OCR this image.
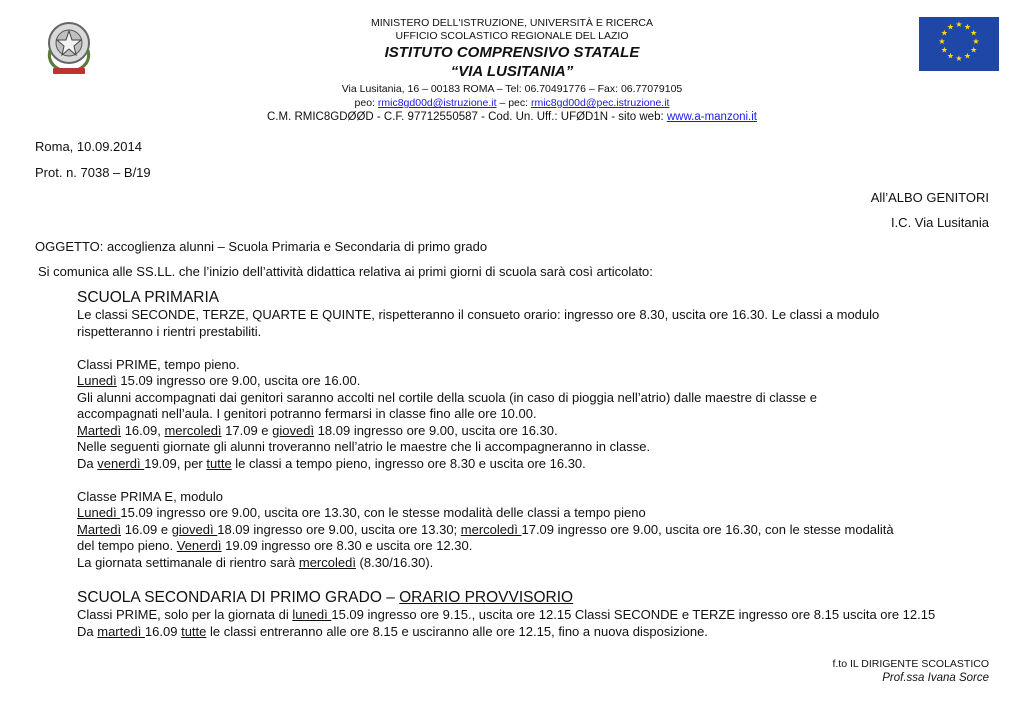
★ ★
★
★
★
★
★
★
★
★
★
★
MINISTERO DELL'ISTRUZIONE, UNIVERSITÀ E RICERCA
UFFICIO SCOLASTICO REGIONALE DEL LAZIO
ISTITUTO COMPRENSIVO STATALE
“VIA LUSITANIA”
Via Lusitania, 16 – 00183 ROMA – Tel: 06.70491776 – Fax: 06.77079105
peo: rmic8gd00d@istruzione.it – pec: rmic8gd00d@pec.istruzione.it
C.M. RMIC8GDØØD - C.F. 97712550587 - Cod. Un. Uff.: UFØD1N - sito web: www.a-manzoni.it
Roma, 10.09.2014
Prot. n. 7038 – B/19
All’ALBO GENITORI
I.C. Via Lusitania
OGGETTO: accoglienza alunni – Scuola Primaria e Secondaria di primo grado
Si comunica alle SS.LL. che l’inizio dell’attività didattica relativa ai primi giorni di scuola sarà così articolato:
SCUOLA PRIMARIA
Le classi SECONDE, TERZE, QUARTE E QUINTE, rispetteranno il consueto orario: ingresso ore 8.30, uscita ore 16.30. Le classi a modulo
rispetteranno i rientri prestabiliti.
Classi PRIME, tempo pieno.
Lunedì 15.09 ingresso ore 9.00, uscita ore 16.00.
Gli alunni accompagnati dai genitori saranno accolti nel cortile della scuola (in caso di pioggia nell’atrio) dalle maestre di classe e
accompagnati nell’aula. I genitori potranno fermarsi in classe fino alle ore 10.00.
Martedì 16.09, mercoledì 17.09 e giovedì 18.09 ingresso ore 9.00, uscita ore 16.30.
Nelle seguenti giornate gli alunni troveranno nell’atrio le maestre che li accompagneranno in classe.
Da venerdì 19.09, per tutte le classi a tempo pieno, ingresso ore 8.30 e uscita ore 16.30.
Classe PRIMA E, modulo
Lunedì 15.09 ingresso ore 9.00, uscita ore 13.30, con le stesse modalità delle classi a tempo pieno
Martedì 16.09 e giovedì 18.09 ingresso ore 9.00, uscita ore 13.30; mercoledì 17.09 ingresso ore 9.00, uscita ore 16.30, con le stesse modalità
del tempo pieno. Venerdì 19.09 ingresso ore 8.30 e uscita ore 12.30.
La giornata settimanale di rientro sarà mercoledì (8.30/16.30).
SCUOLA SECONDARIA DI PRIMO GRADO – ORARIO PROVVISORIO
Classi PRIME, solo per la giornata di lunedì 15.09 ingresso ore 9.15., uscita ore 12.15 Classi SECONDE e TERZE ingresso ore 8.15 uscita ore 12.15
Da martedì 16.09 tutte le classi entreranno alle ore 8.15 e usciranno alle ore 12.15, fino a nuova disposizione.
f.to IL DIRIGENTE SCOLASTICO
Prof.ssa Ivana Sorce
